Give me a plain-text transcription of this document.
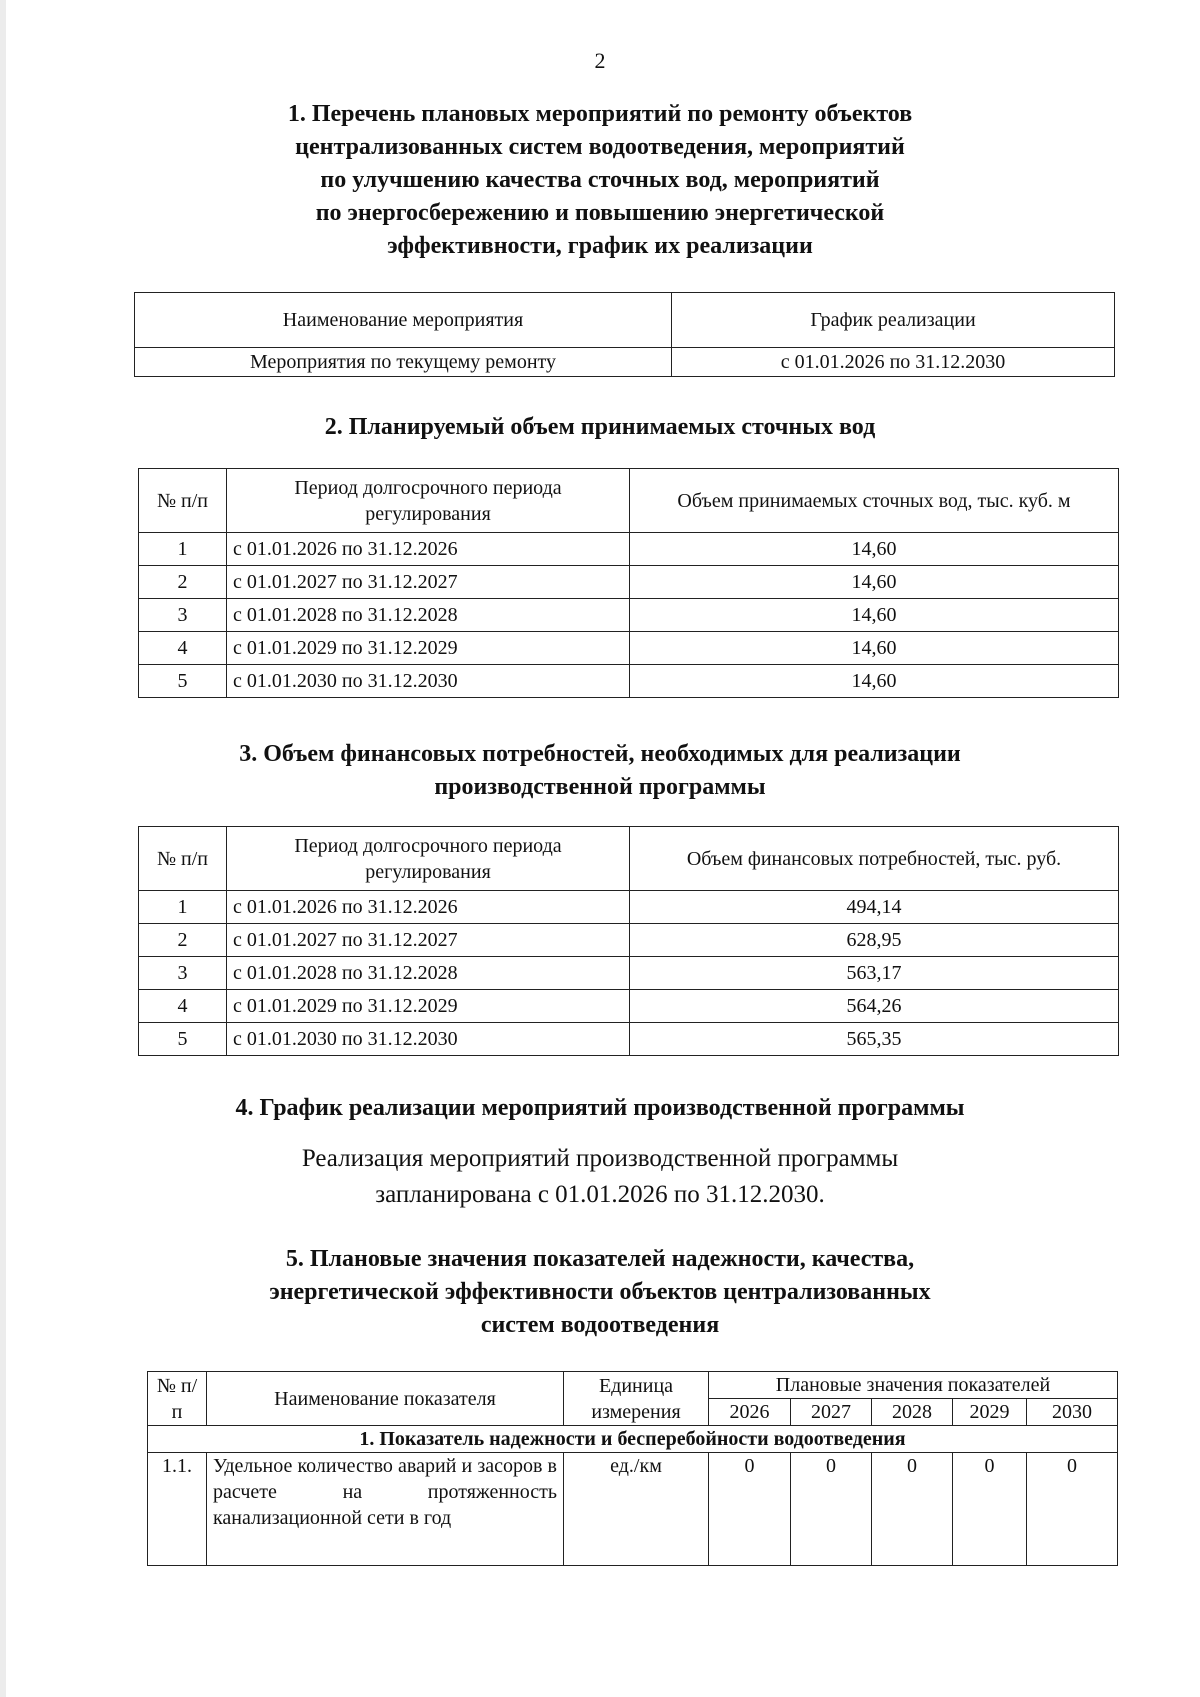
2
1. Перечень плановых мероприятий по ремонту объектов
централизованных систем водоотведения, мероприятий
по улучшению качества сточных вод, мероприятий
по энергосбережению и повышению энергетической
эффективности, график их реализации
Наименование мероприятия	График реализации
Мероприятия по текущему ремонту	с 01.01.2026 по 31.12.2030
2. Планируемый объем принимаемых сточных вод
№ п/п	Период долгосрочного периода регулирования	Объем принимаемых сточных вод, тыс. куб. м
1	с 01.01.2026 по 31.12.2026	14,60
2	с 01.01.2027 по 31.12.2027	14,60
3	с 01.01.2028 по 31.12.2028	14,60
4	с 01.01.2029 по 31.12.2029	14,60
5	с 01.01.2030 по 31.12.2030	14,60
3. Объем финансовых потребностей, необходимых для реализации
производственной программы
№ п/п	Период долгосрочного периода регулирования	Объем финансовых потребностей, тыс. руб.
1	с 01.01.2026 по 31.12.2026	494,14
2	с 01.01.2027 по 31.12.2027	628,95
3	с 01.01.2028 по 31.12.2028	563,17
4	с 01.01.2029 по 31.12.2029	564,26
5	с 01.01.2030 по 31.12.2030	565,35
4. График реализации мероприятий производственной программы
Реализация мероприятий производственной программы
запланирована с 01.01.2026 по 31.12.2030.
5. Плановые значения показателей надежности, качества,
энергетической эффективности объектов централизованных
систем водоотведения
№ п/п	Наименование показателя	Единица измерения	Плановые значения показателей				
			2026	2027	2028	2029	2030
1. Показатель надежности и бесперебойности водоотведения							
1.1.	Удельное количество аварий и засоров в расчете на протяженность канализационной сети в год	ед./км	0	0	0	0	0
